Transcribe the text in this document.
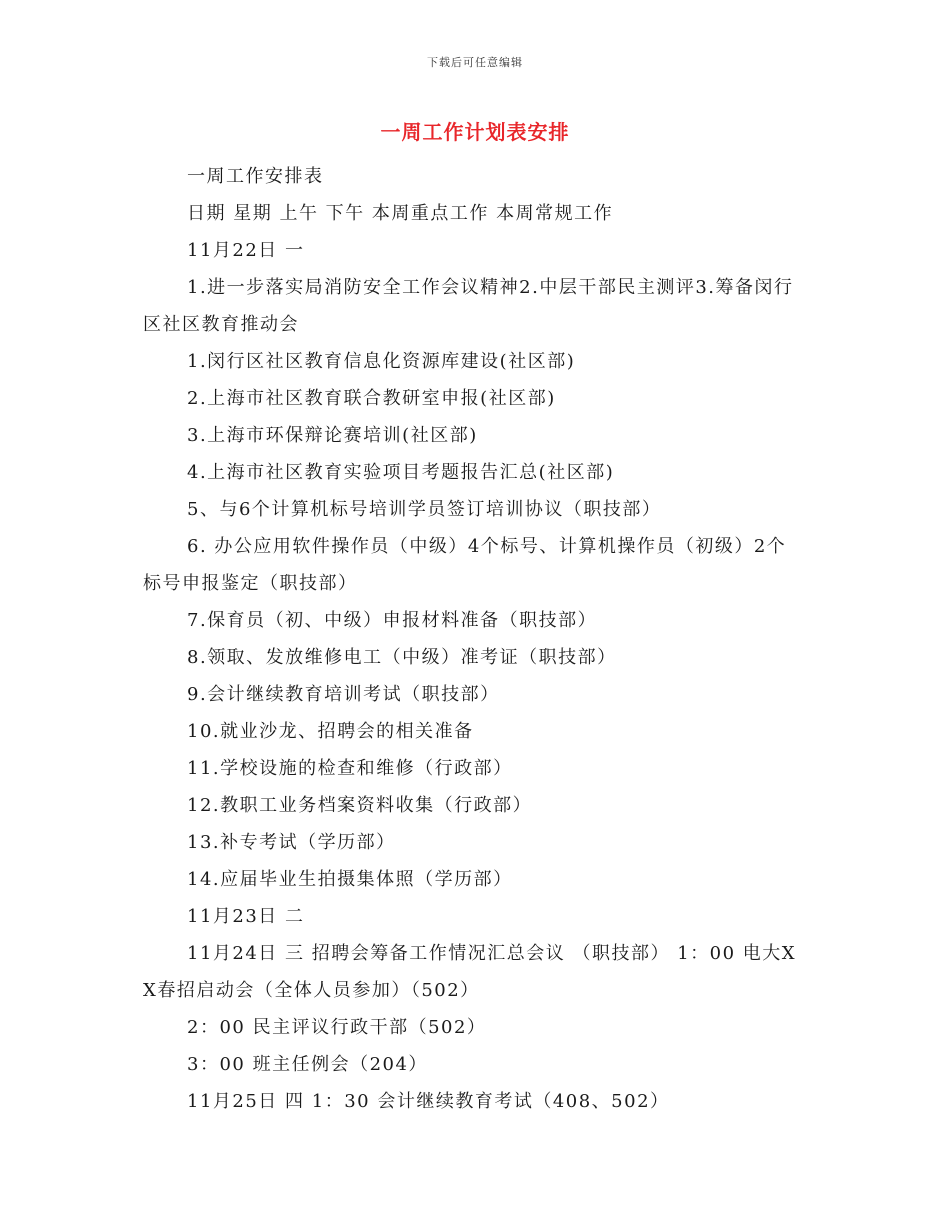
下载后可任意编辑
一周工作计划表安排

一周工作安排表

日期 星期 上午 下午 本周重点工作 本周常规工作

11月22日 一

1.进一步落实局消防安全工作会议精神2.中层干部民主测评3.筹备闵行区社区教育推动会

1.闵行区社区教育信息化资源库建设(社区部)

2.上海市社区教育联合教研室申报(社区部)

3.上海市环保辩论赛培训(社区部)

4.上海市社区教育实验项目考题报告汇总(社区部)

5、与6个计算机标号培训学员签订培训协议（职技部）

6. 办公应用软件操作员（中级）4个标号、计算机操作员（初级）2个标号申报鉴定（职技部）

7.保育员（初、中级）申报材料准备（职技部）

8.领取、发放维修电工（中级）准考证（职技部）

9.会计继续教育培训考试（职技部）

10.就业沙龙、招聘会的相关准备

11.学校设施的检查和维修（行政部）

12.教职工业务档案资料收集（行政部）

13.补专考试（学历部）

14.应届毕业生拍摄集体照（学历部）

11月23日 二

11月24日 三 招聘会筹备工作情况汇总会议 （职技部） 1：00 电大XX春招启动会（全体人员参加）（502）

2：00 民主评议行政干部（502）

3：00 班主任例会（204）

11月25日 四 1：30 会计继续教育考试（408、502）
